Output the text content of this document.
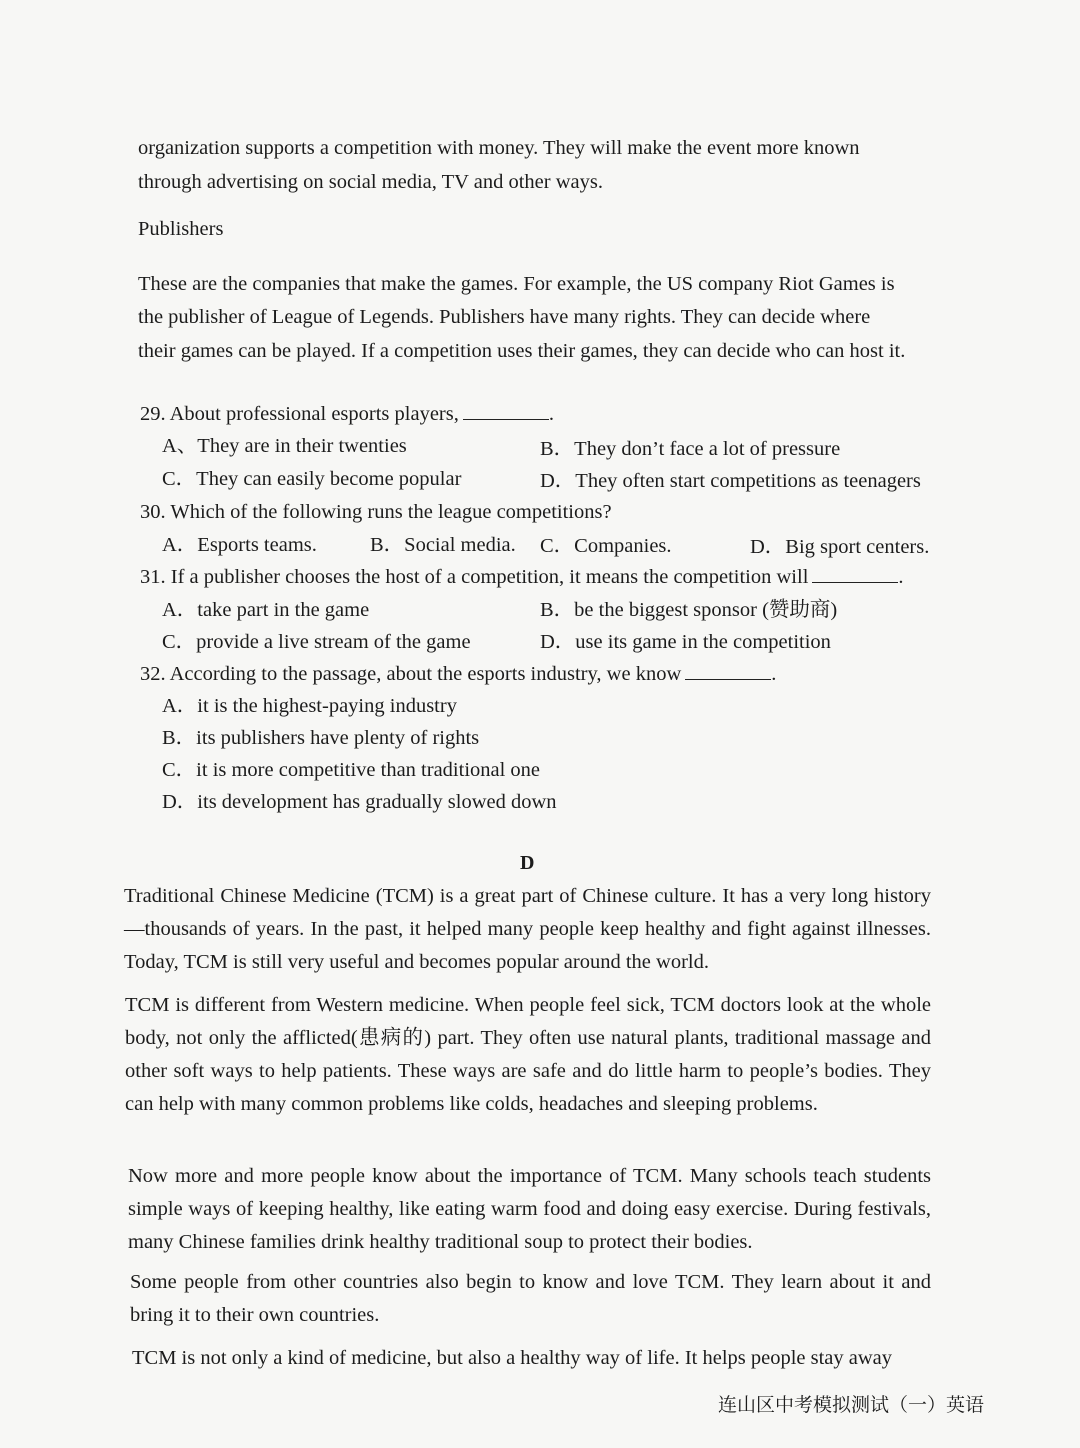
organization supports a competition with money. They will make the event more known

through advertising on social media, TV and other ways.

Publishers

These are the companies that make the games. For example, the US company Riot Games is

the publisher of League of Legends. Publishers have many rights. They can decide where

their games can be played. If a competition uses their games, they can decide who can host it.

29. About professional esports players,	.

A、They are in their twenties	B．They don’t face a lot of pressure

C．They can easily become popular	D．They often start competitions as teenagers

30. Which of the following runs the league competitions?

A．Esports teams.	B．Social media. C．Companies.	D．Big sport centers.

31. If a publisher chooses the host of a competition, it means the competition will	.

A．take part in the game	B．be the biggest sponsor (赞助商)

C．provide a live stream of the game	D．use its game in the competition

32. According to the passage, about the esports industry, we know	.

A．it is the highest-paying industry

B．its publishers have plenty of rights

C．it is more competitive than traditional one

D．its development has gradually slowed down

D

Traditional Chinese Medicine (TCM) is a great part of Chinese culture. It has a very long history—thousands of years. In the past, it helped many people keep healthy and fight against illnesses. Today, TCM is still very useful and becomes popular around the world.

TCM is different from Western medicine. When people feel sick, TCM doctors look at the whole body, not only the afflicted(患病的) part. They often use natural plants, traditional massage and other soft ways to help patients. These ways are safe and do little harm to people’s bodies. They can help with many common problems like colds, headaches and sleeping problems.

Now more and more people know about the importance of TCM. Many schools teach students simple ways of keeping healthy, like eating warm food and doing easy exercise. During festivals, many Chinese families drink healthy traditional soup to protect their bodies.

Some people from other countries also begin to know and love TCM. They learn about it and bring it to their own countries.

TCM is not only a kind of medicine, but also a healthy way of life. It helps people stay away

连山区中考模拟测试（一）英语
